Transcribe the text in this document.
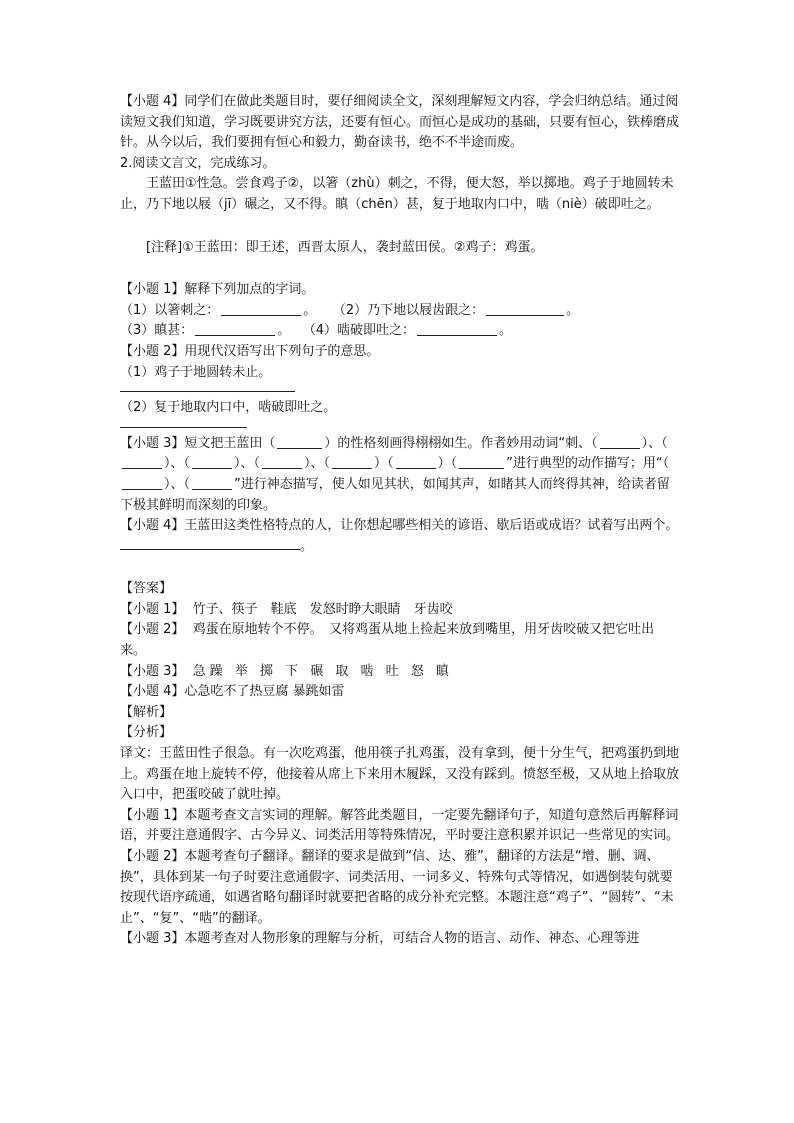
【小题 4】同学们在做此类题目时，要仔细阅读全文，深刻理解短文内容，学会归纳总结。通过阅读短文我们知道，学习既要讲究方法，还要有恒心。而恒心是成功的基础，只要有恒心，铁棒磨成针。从今以后，我们要拥有恒心和毅力，勤奋读书，绝不不半途而废。

2.阅读文言文，完成练习。

王蓝田①性急。尝食鸡子②，以箸（zhù）刺之，不得，便大怒，举以掷地。鸡子于地圆转未止，乃下地以屐（jī）碾之，又不得。瞋（chēn）甚，复于地取内口中，啮（niè）破即吐之。

[注释]①王蓝田：即王述，西晋太原人，袭封蓝田侯。②鸡子：鸡蛋。

【小题 1】解释下列加点的字词。

（1）以箸刺之：	。 （2）乃下地以屐齿跟之：	。

（3）瞋甚：	。 （4）啮破即吐之：	。

【小题 2】用现代汉语写出下列句子的意思。

（1）鸡子于地圆转未止。

（2）复于地取内口中，啮破即吐之。

【小题 3】短文把王蓝田（	）的性格刻画得栩栩如生。作者妙用动词“刺、（	）、（）、（	）、（	）、（	）（	）（	”进行典型的动作描写；用“（）、（	”进行神态描写，使人如见其状，如闻其声，如睹其人而终得其神，给读者留下极其鲜明而深刻的印象。

【小题 4】王蓝田这类性格特点的人，让你想起哪些相关的谚语、歇后语或成语？试着写出两个。

。

【答案】

【小题 1】 竹子、筷子　鞋底　发怒时睁大眼睛　牙齿咬

【小题 2】 鸡蛋在原地转个不停。　又将鸡蛋从地上捡起来放到嘴里，用牙齿咬破又把它吐出来。

【小题 3】 急躁 举 掷 下 碾 取 啮 吐 怒 瞋

【小题 4】心急吃不了热豆腐 暴跳如雷

【解析】

【分析】

译文：王蓝田性子很急。有一次吃鸡蛋，他用筷子扎鸡蛋，没有拿到，便十分生气，把鸡蛋扔到地上。鸡蛋在地上旋转不停，他接着从席上下来用木履踩，又没有踩到。愤怒至极，又从地上拾取放入口中，把蛋咬破了就吐掉。

【小题 1】本题考查文言实词的理解。解答此类题目，一定要先翻译句子，知道句意然后再解释词语，并要注意通假字、古今异义、词类活用等特殊情况，平时要注意积累并识记一些常见的实词。

【小题 2】本题考查句子翻译。翻译的要求是做到“信、达、雅”，翻译的方法是“增、删、调、换”，具体到某一句子时要注意通假字、词类活用、一词多义、特殊句式等情况，如遇倒装句就要按现代语序疏通，如遇省略句翻译时就要把省略的成分补充完整。本题注意“鸡子”、“圆转”、“未止”、“复”、“啮”的翻译。

【小题 3】本题考查对人物形象的理解与分析，可结合人物的语言、动作、神态、心理等进
